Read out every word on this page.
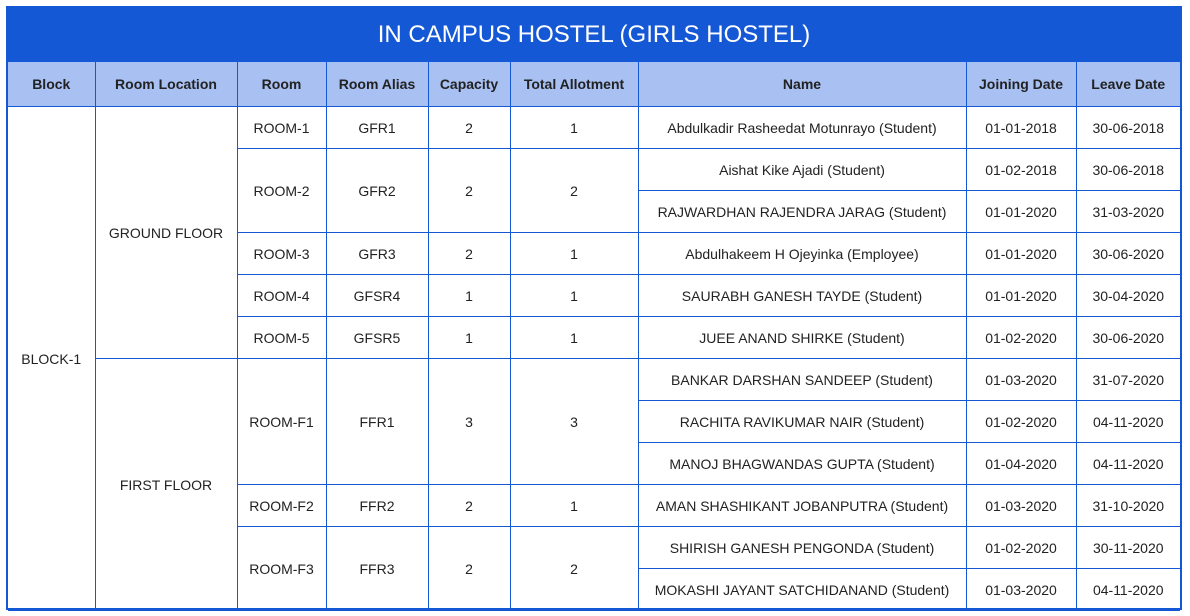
IN CAMPUS HOSTEL (GIRLS HOSTEL)
Block	Room Location	Room	Room Alias	Capacity	Total Allotment	Name	Joining Date	Leave Date
BLOCK-1	GROUND FLOOR	ROOM-1	GFR1	2	1	Abdulkadir Rasheedat Motunrayo (Student)	01-01-2018	30-06-2018
		ROOM-2	GFR2	2	2	Aishat Kike Ajadi (Student)	01-02-2018	30-06-2018
						RAJWARDHAN RAJENDRA JARAG (Student)	01-01-2020	31-03-2020
		ROOM-3	GFR3	2	1	Abdulhakeem H Ojeyinka (Employee)	01-01-2020	30-06-2020
		ROOM-4	GFSR4	1	1	SAURABH GANESH TAYDE (Student)	01-01-2020	30-04-2020
		ROOM-5	GFSR5	1	1	JUEE ANAND SHIRKE (Student)	01-02-2020	30-06-2020
	FIRST FLOOR	ROOM-F1	FFR1	3	3	BANKAR DARSHAN SANDEEP (Student)	01-03-2020	31-07-2020
						RACHITA RAVIKUMAR NAIR (Student)	01-02-2020	04-11-2020
						MANOJ BHAGWANDAS GUPTA (Student)	01-04-2020	04-11-2020
		ROOM-F2	FFR2	2	1	AMAN SHASHIKANT JOBANPUTRA (Student)	01-03-2020	31-10-2020
		ROOM-F3	FFR3	2	2	SHIRISH GANESH PENGONDA (Student)	01-02-2020	30-11-2020
						MOKASHI JAYANT SATCHIDANAND (Student)	01-03-2020	04-11-2020
